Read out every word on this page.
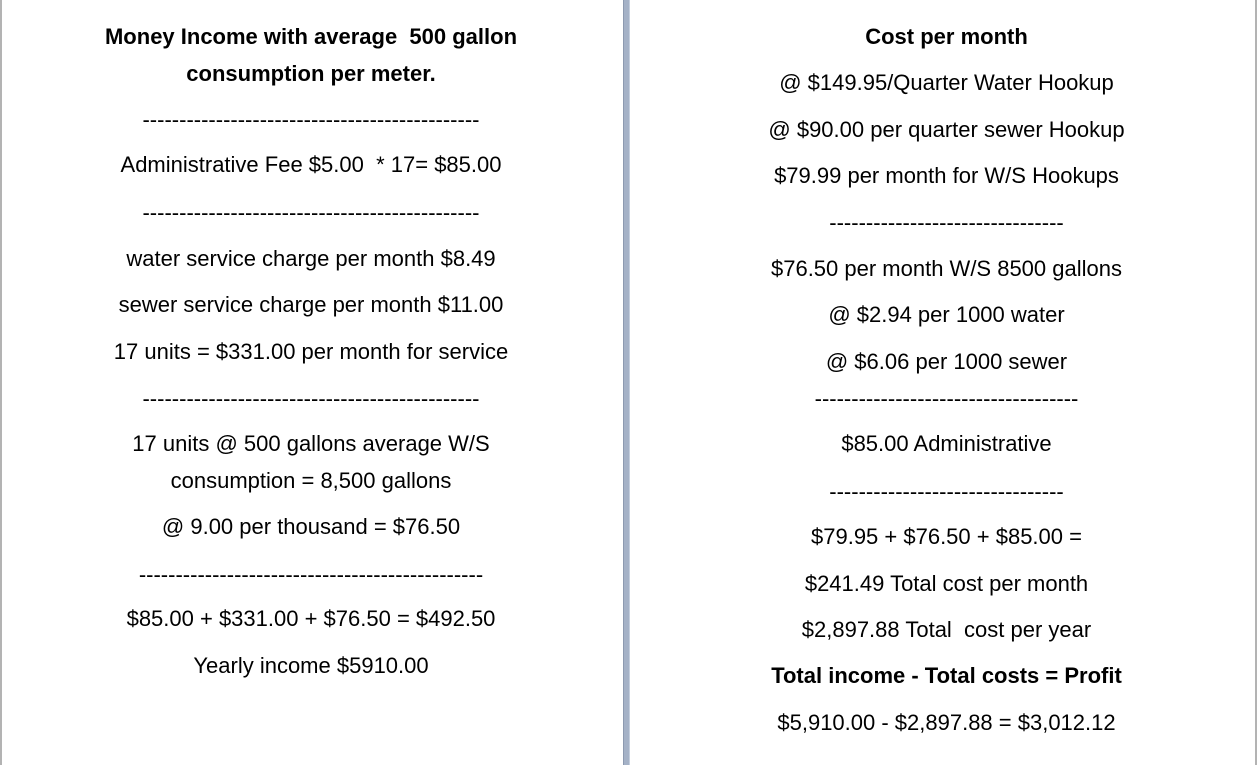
Money Income with average  500 gallon
consumption per meter.
----------------------------------------------
Administrative Fee $5.00  * 17= $85.00
----------------------------------------------
water service charge per month $8.49
sewer service charge per month $11.00
17 units = $331.00 per month for service
----------------------------------------------
17 units @ 500 gallons average W/S
consumption = 8,500 gallons
@ 9.00 per thousand = $76.50
-----------------------------------------------
$85.00 + $331.00 + $76.50 = $492.50
Yearly income $5910.00
Cost per month
@ $149.95/Quarter Water Hookup
@ $90.00 per quarter sewer Hookup
$79.99 per month for W/S Hookups
--------------------------------
$76.50 per month W/S 8500 gallons
@ $2.94 per 1000 water
@ $6.06 per 1000 sewer
------------------------------------
$85.00 Administrative
--------------------------------
$79.95 + $76.50 + $85.00 =
$241.49 Total cost per month
$2,897.88 Total  cost per year
Total income - Total costs = Profit
$5,910.00 - $2,897.88 = $3,012.12
